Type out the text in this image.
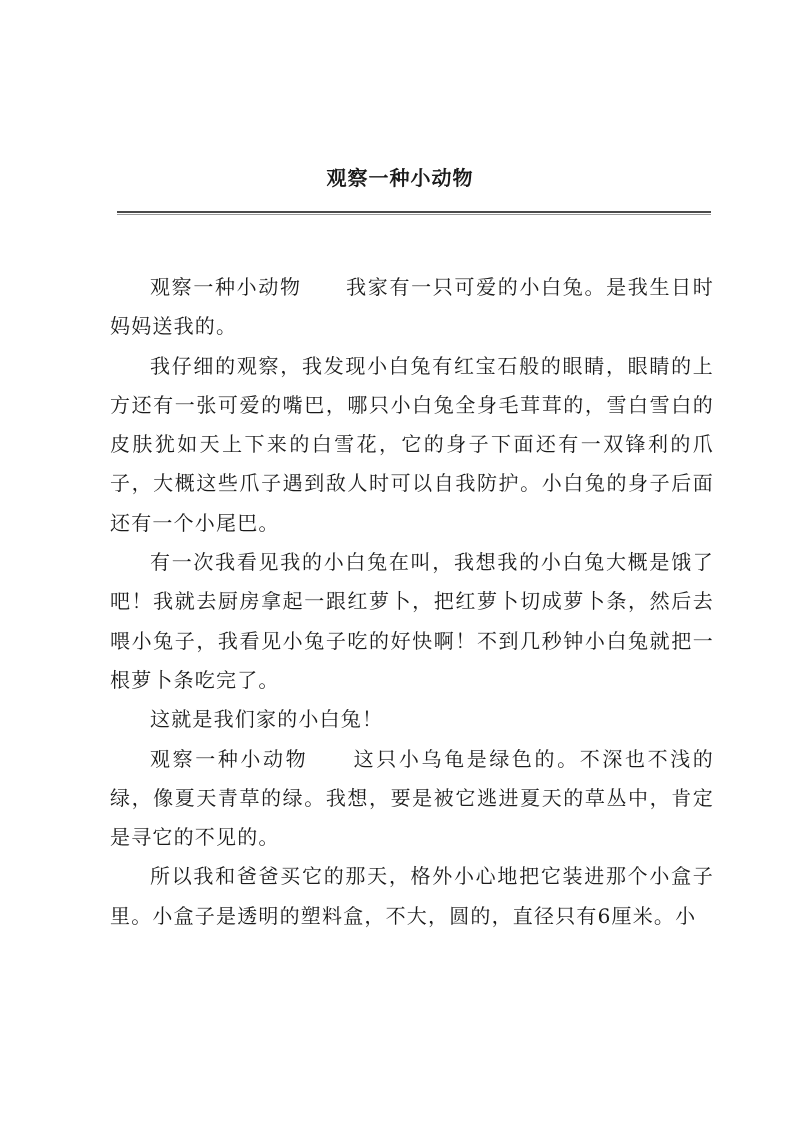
观察一种小动物

观察一种小动物 我家有一只可爱的小白兔。是我生日时妈妈送我的。

我仔细的观察，我发现小白兔有红宝石般的眼睛，眼睛的上方还有一张可爱的嘴巴，哪只小白兔全身毛茸茸的，雪白雪白的皮肤犹如天上下来的白雪花，它的身子下面还有一双锋利的爪子，大概这些爪子遇到敌人时可以自我防护。小白兔的身子后面还有一个小尾巴。

有一次我看见我的小白兔在叫，我想我的小白兔大概是饿了吧！我就去厨房拿起一跟红萝卜，把红萝卜切成萝卜条，然后去喂小兔子，我看见小兔子吃的好快啊！不到几秒钟小白兔就把一根萝卜条吃完了。

这就是我们家的小白兔！

观察一种小动物 这只小乌龟是绿色的。不深也不浅的绿，像夏天青草的绿。我想，要是被它逃进夏天的草丛中，肯定是寻它的不见的。

所以我和爸爸买它的那天，格外小心地把它装进那个小盒子里。小盒子是透明的塑料盒，不大，圆的，直径只有6厘米。小
